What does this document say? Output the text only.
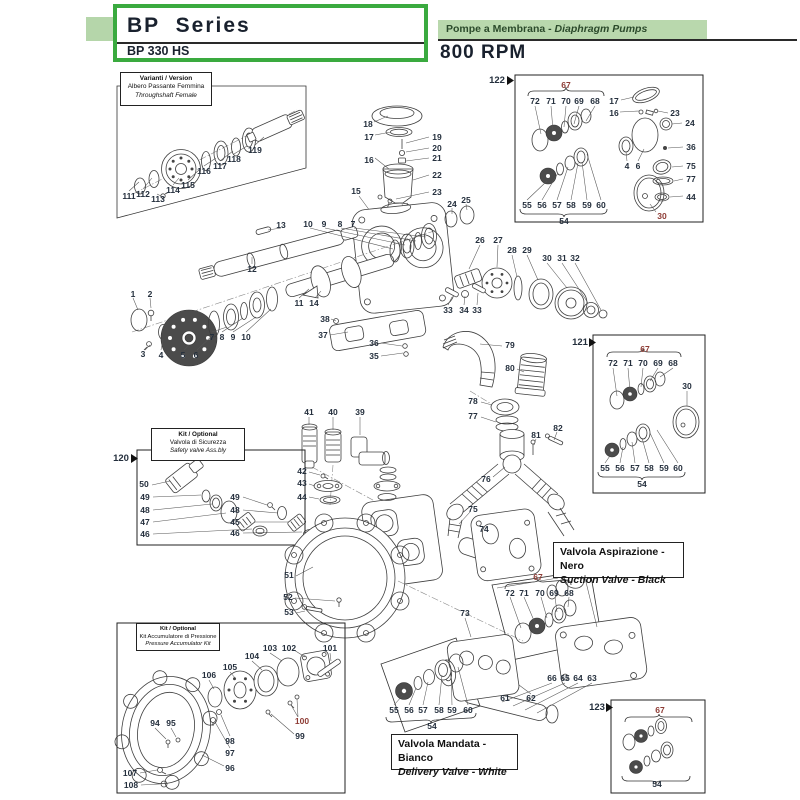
BP Series
BP 330 HS
Pompe a Membrana - Diaphragm Pumps
800 RPM
111 112 113
114 115
116 117
118
119
18
17
16
19
20
21
22
23
15
13
12
10 9 8 7
1 2
11 14
7 8 9 10
3 4 5 6
38
37
36
35
24 25
26 27
28 29
30 31 32
33 34 33
122	67
72 71 70 69 68 17
16
4 6
55 56 57 58 59 60
54	30
23
24
36
75
77
44
121
67
72 71 70 69 68
30
55 56 57 58 59 60
54
79
80
78
77
76
81
82
75
74
41 40 39
42
43
44
49
48
45
46
120
50
49
48
47
46
51
52
53
67
72 71 70 69 68
66 65 64 63
61 62
73
55 56 57 58 59 60
54
106
105
104
103 102	101
94 95	100
99
98
97
96
107
108
123	67
54
Varianti / Version
Albero Passante Femmina
Throughshaft Female
Kit / Optional
Valvola di Sicurezza
Safety valve Ass.bly
Kit / Optional
Kit Accumulatore di Pressione
Pressure Accumulator Kit
Valvola Aspirazione - Nero
Suction Valve - Black
Valvola Mandata - Bianco
Delivery Valve - White
